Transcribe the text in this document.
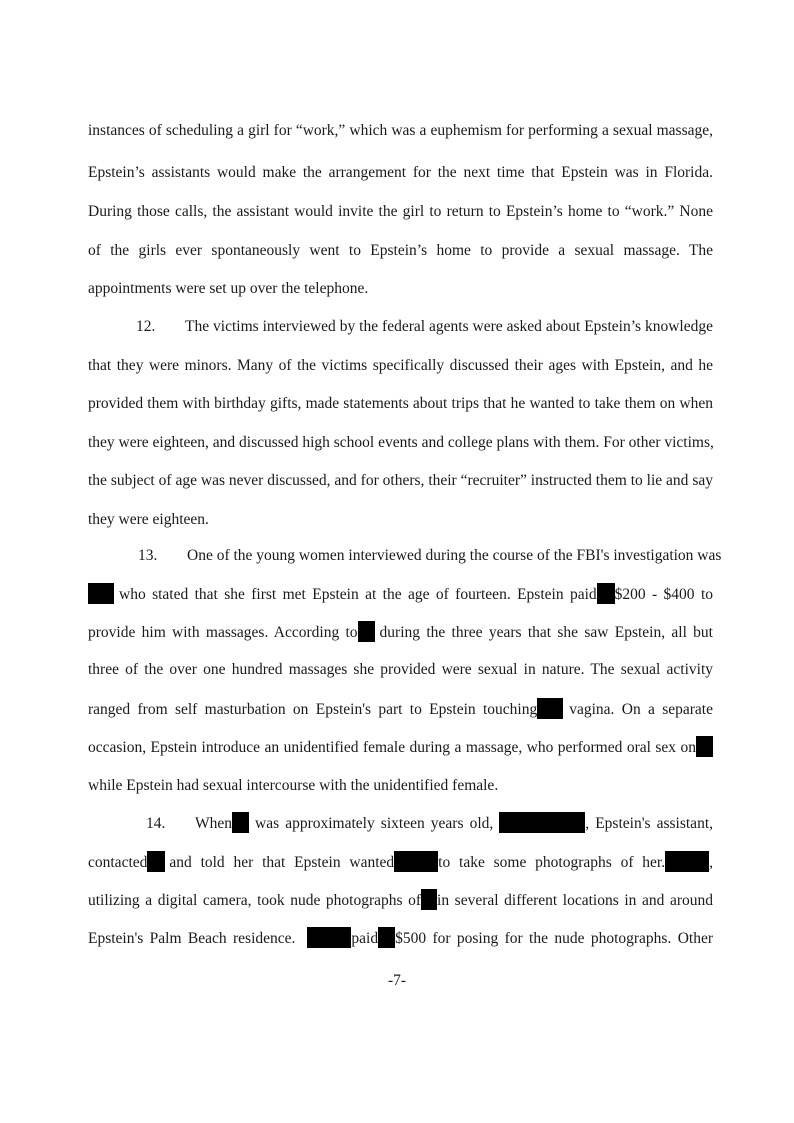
instances of scheduling a girl for “work,” which was a euphemism for performing a sexual massage,
Epstein’s assistants would make the arrangement for the next time that Epstein was in Florida.
During those calls, the assistant would invite the girl to return to Epstein’s home to “work.” None
of the girls ever spontaneously went to Epstein’s home to provide a sexual massage. The
appointments were set up over the telephone.
12. The victims interviewed by the federal agents were asked about Epstein’s knowledge
that they were minors. Many of the victims specifically discussed their ages with Epstein, and he
provided them with birthday gifts, made statements about trips that he wanted to take them on when
they were eighteen, and discussed high school events and college plans with them. For other victims,
the subject of age was never discussed, and for others, their “recruiter” instructed them to lie and say
they were eighteen.
13. One of the young women interviewed during the course of the FBI's investigation was
who stated that she first met Epstein at the age of fourteen. Epstein paid $200 - $400 to
provide him with massages. According to during the three years that she saw Epstein, all but
three of the over one hundred massages she provided were sexual in nature. The sexual activity
ranged from self masturbation on Epstein's part to Epstein touching vagina. On a separate
occasion, Epstein introduce an unidentified female during a massage, who performed oral sex on
while Epstein had sexual intercourse with the unidentified female.
14. When was approximately sixteen years old,	, Epstein's assistant,
contacted and told her that Epstein wanted	to take some photographs of her.	,
utilizing a digital camera, took nude photographs of in several different locations in and around
Epstein's Palm Beach residence.	paid $500 for posing for the nude photographs. Other
-7-
